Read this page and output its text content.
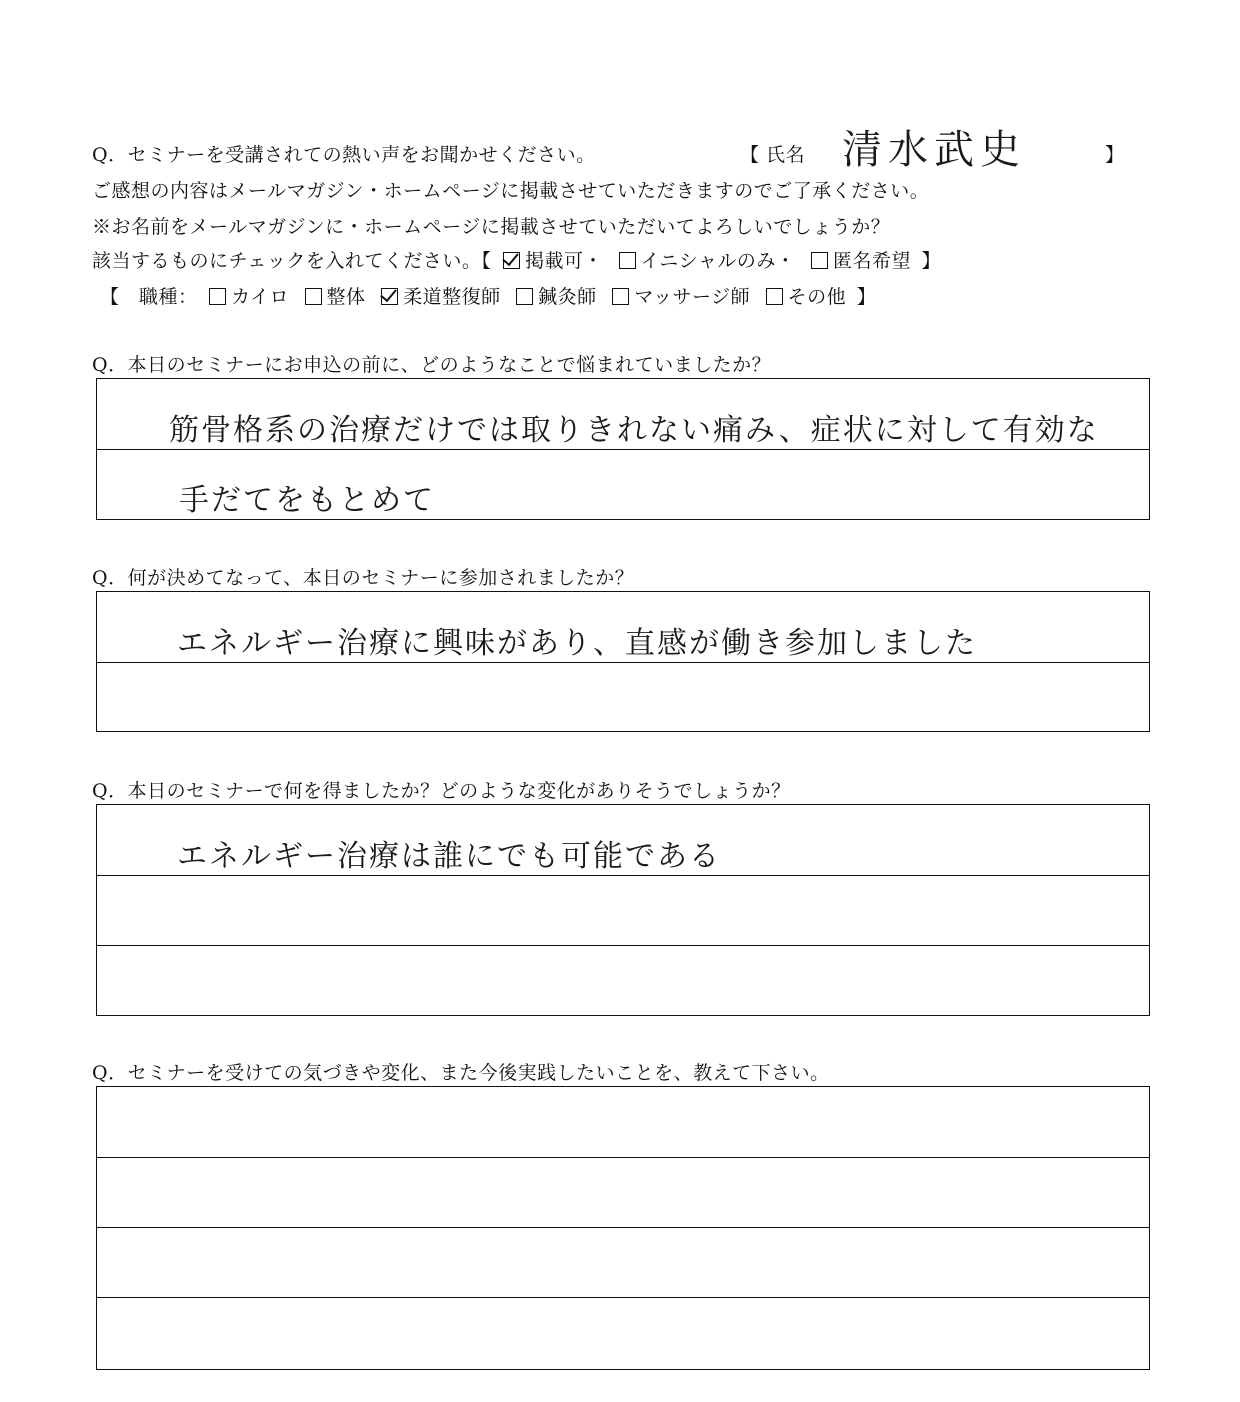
Q．セミナーを受講されての熱い声をお聞かせください。	【 氏名 清水武史	】
ご感想の内容はメールマガジン・ホームページに掲載させていただきますのでご了承ください。
※お名前をメールマガジンに・ホームページに掲載させていただいてよろしいでしょうか？
該当するものにチェックを入れてください。【 掲載可・ イニシャルのみ・ 匿名希望 】
【　職種： カイロ 整体 柔道整復師 鍼灸師 マッサージ師 その他 】
Q．本日のセミナーにお申込の前に、どのようなことで悩まれていましたか？
筋骨格系の治療だけでは取りきれない痛み、症状に対して有効な
手だてをもとめて
Q．何が決めてなって、本日のセミナーに参加されましたか？
エネルギー治療に興味があり、直感が働き参加しました
Q．本日のセミナーで何を得ましたか？どのような変化がありそうでしょうか？
エネルギー治療は誰にでも可能である
Q．セミナーを受けての気づきや変化、また今後実践したいことを、教えて下さい。
